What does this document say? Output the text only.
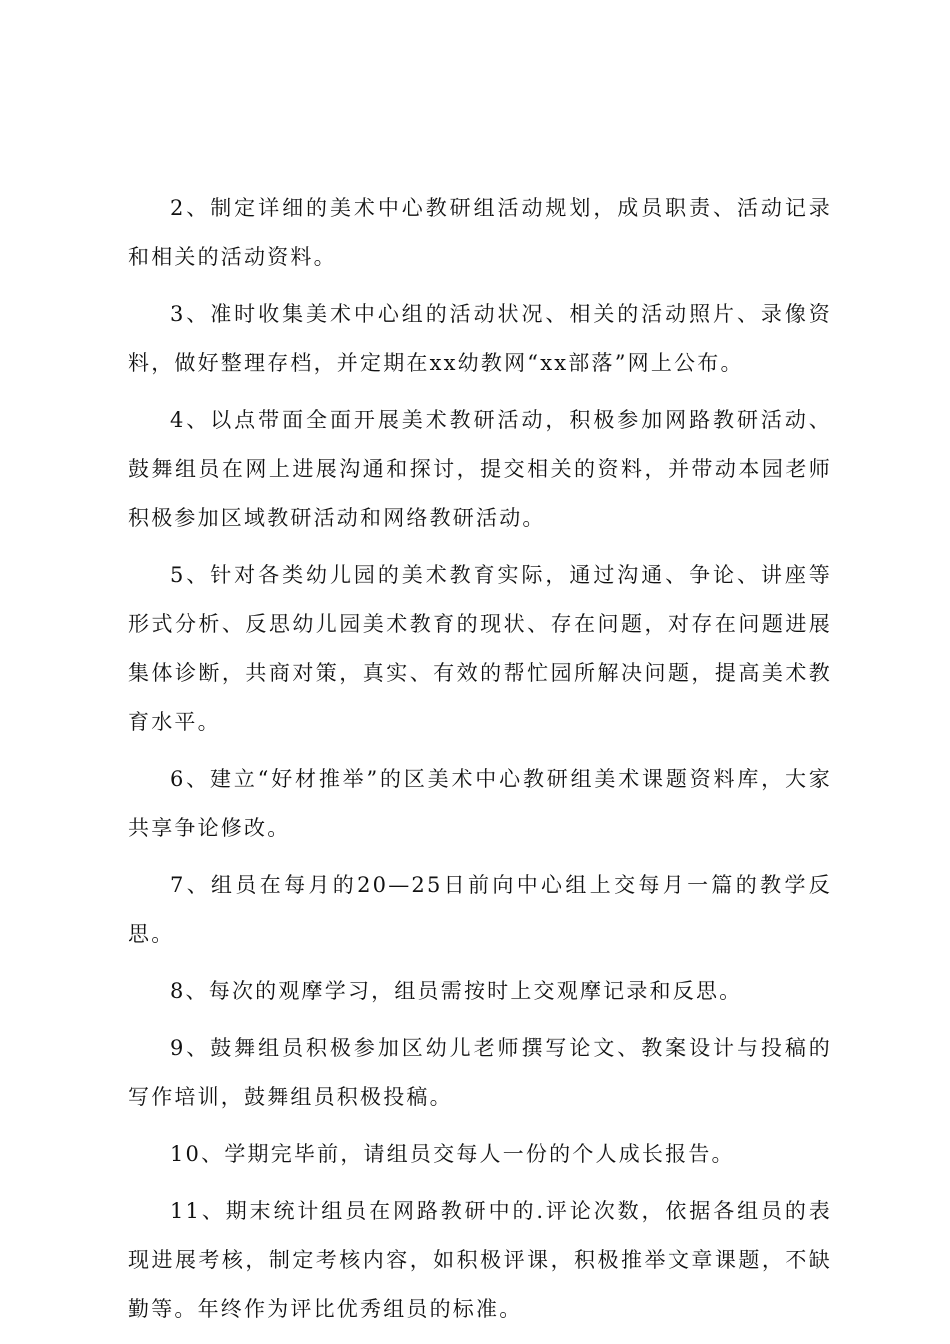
2、制定详细的美术中心教研组活动规划，成员职责、活动记录和相关的活动资料。

3、准时收集美术中心组的活动状况、相关的活动照片、录像资料，做好整理存档，并定期在xx幼教网“xx部落”网上公布。

4、以点带面全面开展美术教研活动，积极参加网路教研活动、鼓舞组员在网上进展沟通和探讨，提交相关的资料，并带动本园老师积极参加区域教研活动和网络教研活动。

5、针对各类幼儿园的美术教育实际，通过沟通、争论、讲座等形式分析、反思幼儿园美术教育的现状、存在问题，对存在问题进展集体诊断，共商对策，真实、有效的帮忙园所解决问题，提高美术教育水平。

6、建立“好材推举”的区美术中心教研组美术课题资料库，大家共享争论修改。

7、组员在每月的20—25日前向中心组上交每月一篇的教学反思。

8、每次的观摩学习，组员需按时上交观摩记录和反思。

9、鼓舞组员积极参加区幼儿老师撰写论文、教案设计与投稿的写作培训，鼓舞组员积极投稿。

10、学期完毕前，请组员交每人一份的个人成长报告。

11、期末统计组员在网路教研中的.评论次数，依据各组员的表现进展考核，制定考核内容，如积极评课，积极推举文章课题，不缺勤等。年终作为评比优秀组员的标准。
